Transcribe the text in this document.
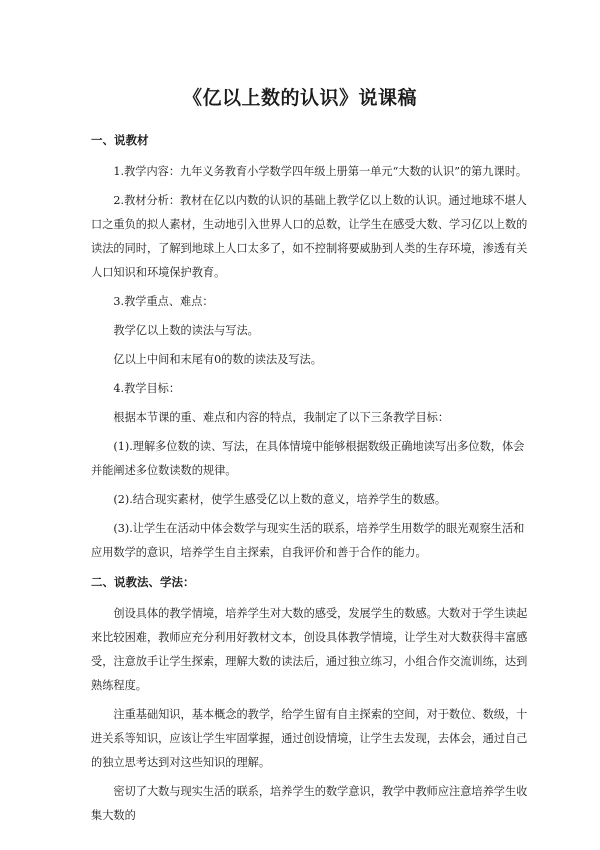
《亿以上数的认识》说课稿

一、说教材

1.教学内容：九年义务教育小学数学四年级上册第一单元“大数的认识”的第九课时。

2.教材分析：教材在亿以内数的认识的基础上教学亿以上数的认识。通过地球不堪人口之重负的拟人素材，生动地引入世界人口的总数，让学生在感受大数、学习亿以上数的读法的同时，了解到地球上人口太多了，如不控制将要威胁到人类的生存环境，渗透有关人口知识和环境保护教育。

3.教学重点、难点：

教学亿以上数的读法与写法。

亿以上中间和末尾有0的数的读法及写法。

4.教学目标：

根据本节课的重、难点和内容的特点，我制定了以下三条教学目标：

(1).理解多位数的读、写法，在具体情境中能够根据数级正确地读写出多位数，体会并能阐述多位数读数的规律。

(2).结合现实素材，使学生感受亿以上数的意义，培养学生的数感。

(3).让学生在活动中体会数学与现实生活的联系，培养学生用数学的眼光观察生活和应用数学的意识，培养学生自主探索，自我评价和善于合作的能力。

二、说教法、学法：

创设具体的教学情境，培养学生对大数的感受，发展学生的数感。大数对于学生读起来比较困难，教师应充分利用好教材文本，创设具体教学情境，让学生对大数获得丰富感受，注意放手让学生探索，理解大数的读法后，通过独立练习，小组合作交流训练，达到熟练程度。

注重基础知识，基本概念的教学，给学生留有自主探索的空间，对于数位、数级，十进关系等知识，应该让学生牢固掌握，通过创设情境，让学生去发现，去体会，通过自己的独立思考达到对这些知识的理解。

密切了大数与现实生活的联系，培养学生的数学意识，教学中教师应注意培养学生收集大数的
